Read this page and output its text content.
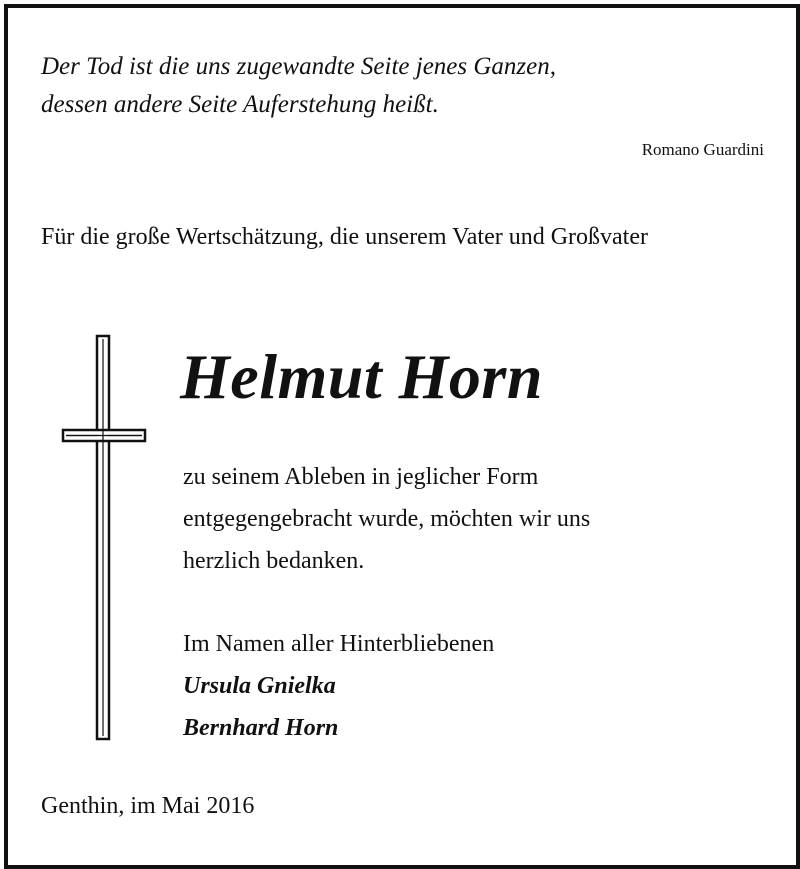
Der Tod ist die uns zugewandte Seite jenes Ganzen,
dessen andere Seite Auferstehung heißt.
Romano Guardini
Für die große Wertschätzung, die unserem Vater und Großvater
Helmut Horn
zu seinem Ableben in jeglicher Form
entgegengebracht wurde, möchten wir uns
herzlich bedanken.
Im Namen aller Hinterbliebenen
Ursula Gnielka
Bernhard Horn
Genthin, im Mai 2016
